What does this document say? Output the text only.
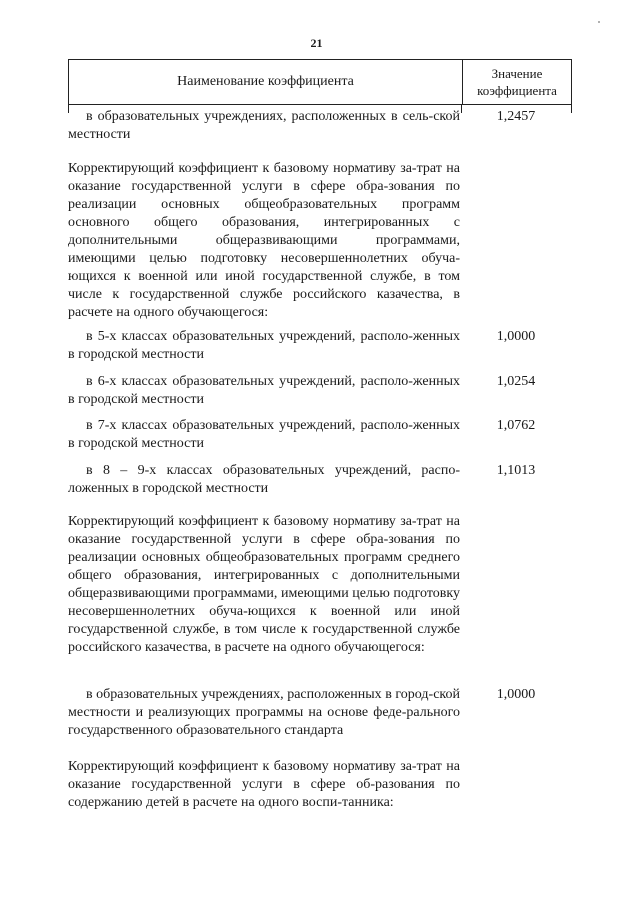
21
Наименование коэффициента
Значение
коэффициента
в образовательных учреждениях, расположенных в сель-ской местности
1,2457
Корректирующий коэффициент к базовому нормативу за-трат на оказание государственной услуги в сфере обра-зования по реализации основных общеобразовательных программ основного общего образования, интегрированных с дополнительными общеразвивающими программами, имеющими целью подготовку несовершеннолетних обуча-ющихся к военной или иной государственной службе, в том числе к государственной службе российского казачества, в расчете на одного обучающегося:
в 5-х классах образовательных учреждений, располо-женных в городской местности
1,0000
в 6-х классах образовательных учреждений, располо-женных в городской местности
1,0254
в 7-х классах образовательных учреждений, располо-женных в городской местности
1,0762
в 8 – 9-х классах образовательных учреждений, распо-ложенных в городской местности
1,1013
Корректирующий коэффициент к базовому нормативу за-трат на оказание государственной услуги в сфере обра-зования по реализации основных общеобразовательных программ среднего общего образования, интегрированных с дополнительными общеразвивающими программами, имеющими целью подготовку несовершеннолетних обуча-ющихся к военной или иной государственной службе, в том числе к государственной службе российского казачества, в расчете на одного обучающегося:
в образовательных учреждениях, расположенных в город-ской местности и реализующих программы на основе феде-рального государственного образовательного стандарта
1,0000
Корректирующий коэффициент к базовому нормативу за-трат на оказание государственной услуги в сфере об-разования по содержанию детей в расчете на одного воспи-танника:
